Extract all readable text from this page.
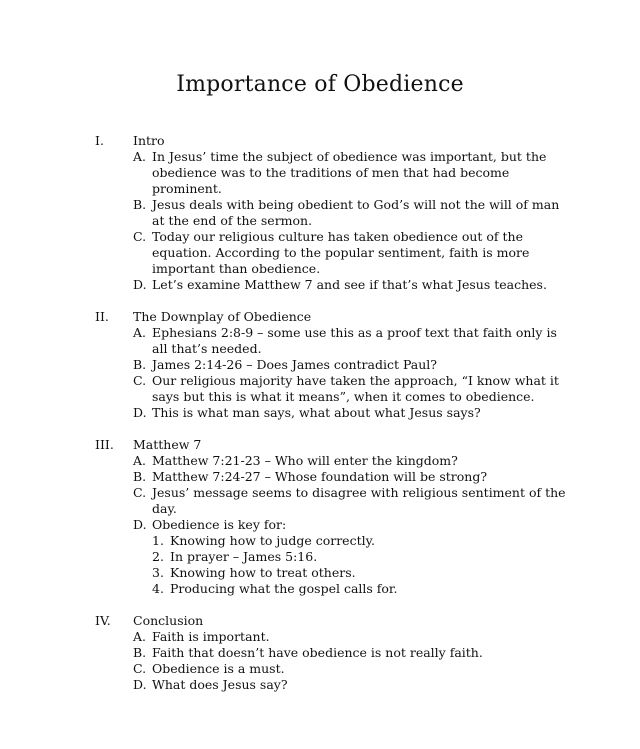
Importance of Obedience
I. Intro
A. In Jesus’ time the subject of obedience was important, but the obedience was to the traditions of men that had become prominent.
B. Jesus deals with being obedient to God’s will not the will of man at the end of the sermon.
C. Today our religious culture has taken obedience out of the equation. According to the popular sentiment, faith is more important than obedience.
D. Let’s examine Matthew 7 and see if that’s what Jesus teaches.
II. The Downplay of Obedience
A. Ephesians 2:8-9 – some use this as a proof text that faith only is all that’s needed.
B. James 2:14-26 – Does James contradict Paul?
C. Our religious majority have taken the approach, “I know what it says but this is what it means”, when it comes to obedience.
D. This is what man says, what about what Jesus says?
III. Matthew 7
A. Matthew 7:21-23 – Who will enter the kingdom?
B. Matthew 7:24-27 – Whose foundation will be strong?
C. Jesus’ message seems to disagree with religious sentiment of the day.
D. Obedience is key for:
1. Knowing how to judge correctly.
2. In prayer – James 5:16.
3. Knowing how to treat others.
4. Producing what the gospel calls for.
IV. Conclusion
A. Faith is important.
B. Faith that doesn’t have obedience is not really faith.
C. Obedience is a must.
D. What does Jesus say?
